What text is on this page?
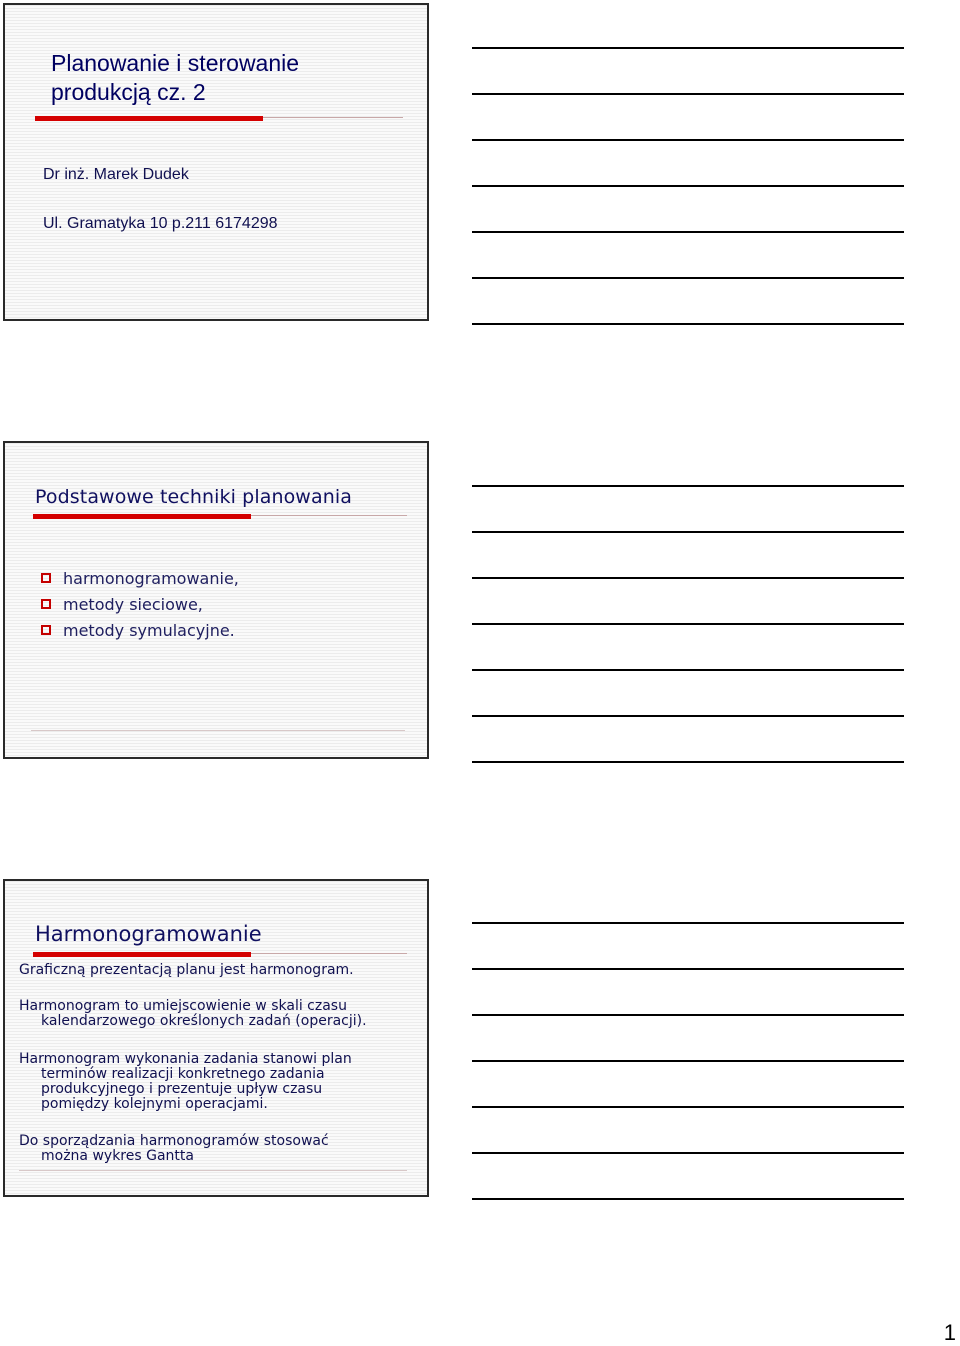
Planowanie i sterowanie
produkcją cz. 2
Dr inż. Marek Dudek
Ul. Gramatyka 10 p.211 6174298
Podstawowe techniki planowania
harmonogramowanie,
metody sieciowe,
metody symulacyjne.
Harmonogramowanie

Graficzną prezentacją planu jest harmonogram.

Harmonogram to umiejscowienie w skali czasu
kalendarzowego określonych zadań (operacji).

Harmonogram wykonania zadania stanowi plan
terminów realizacji konkretnego zadania
produkcyjnego i prezentuje upływ czasu
pomiędzy kolejnymi operacjami.

Do sporządzania harmonogramów stosować
można wykres Gantta

1
